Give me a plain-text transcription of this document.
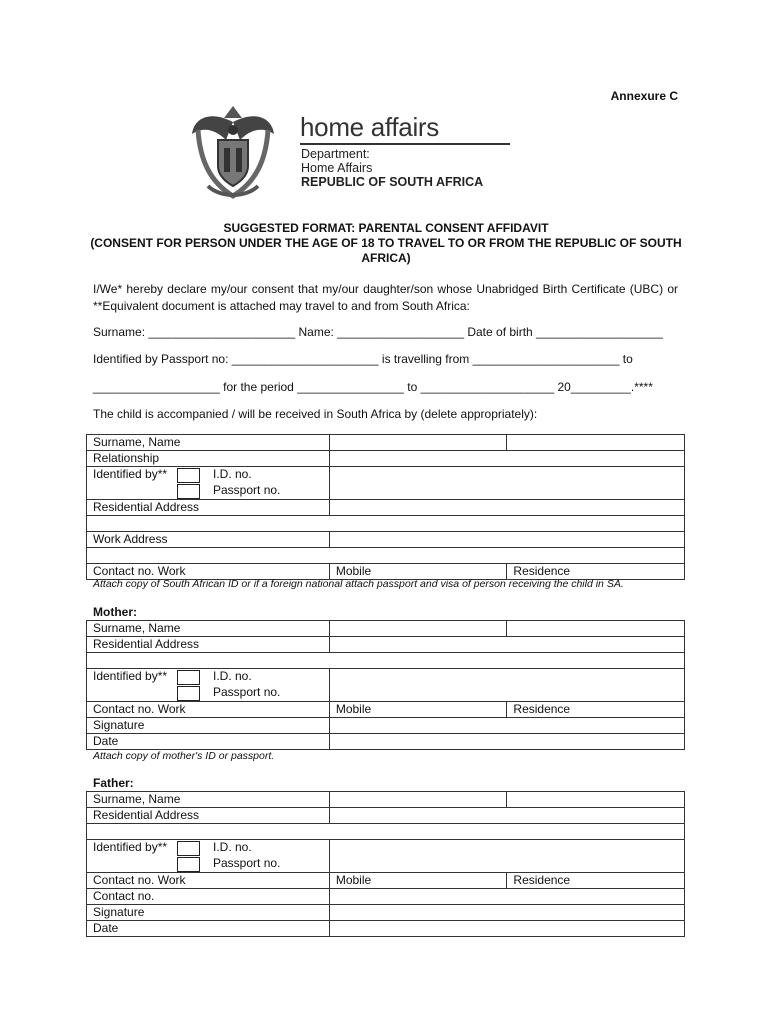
Annexure C
home affairs
Department:
Home Affairs
REPUBLIC OF SOUTH AFRICA
SUGGESTED FORMAT: PARENTAL CONSENT AFFIDAVIT
(CONSENT FOR PERSON UNDER THE AGE OF 18 TO TRAVEL TO OR FROM THE REPUBLIC OF SOUTH
AFRICA)
I/We* hereby declare my/our consent that my/our daughter/son whose Unabridged Birth Certificate (UBC) or **Equivalent document is attached may travel to and from South Africa:
Surname: ______________________ Name: ___________________ Date of birth ___________________
Identified by Passport no: ______________________ is travelling from ______________________ to
___________________ for the period ________________ to ____________________ 20_________.****
The child is accompanied / will be received in South Africa by (delete appropriately):
Surname, Name		
Relationship		

Identified by** I.D. no.
Passport no.		

Residential Address		

Work Address		

Contact no. Work	Mobile	Residence
Attach copy of South African ID or if a foreign national attach passport and visa of person receiving the child in SA.
Mother:
Surname, Name		
Residential Address		

Identified by** I.D. no.
Passport no.		

Contact no. Work	Mobile	Residence
Signature		
Date		
Attach copy of mother's ID or passport.
Father:
Surname, Name		
Residential Address		

Identified by** I.D. no.
Passport no.		

Contact no. Work	Mobile	Residence
Contact no.		
Signature		
Date		
